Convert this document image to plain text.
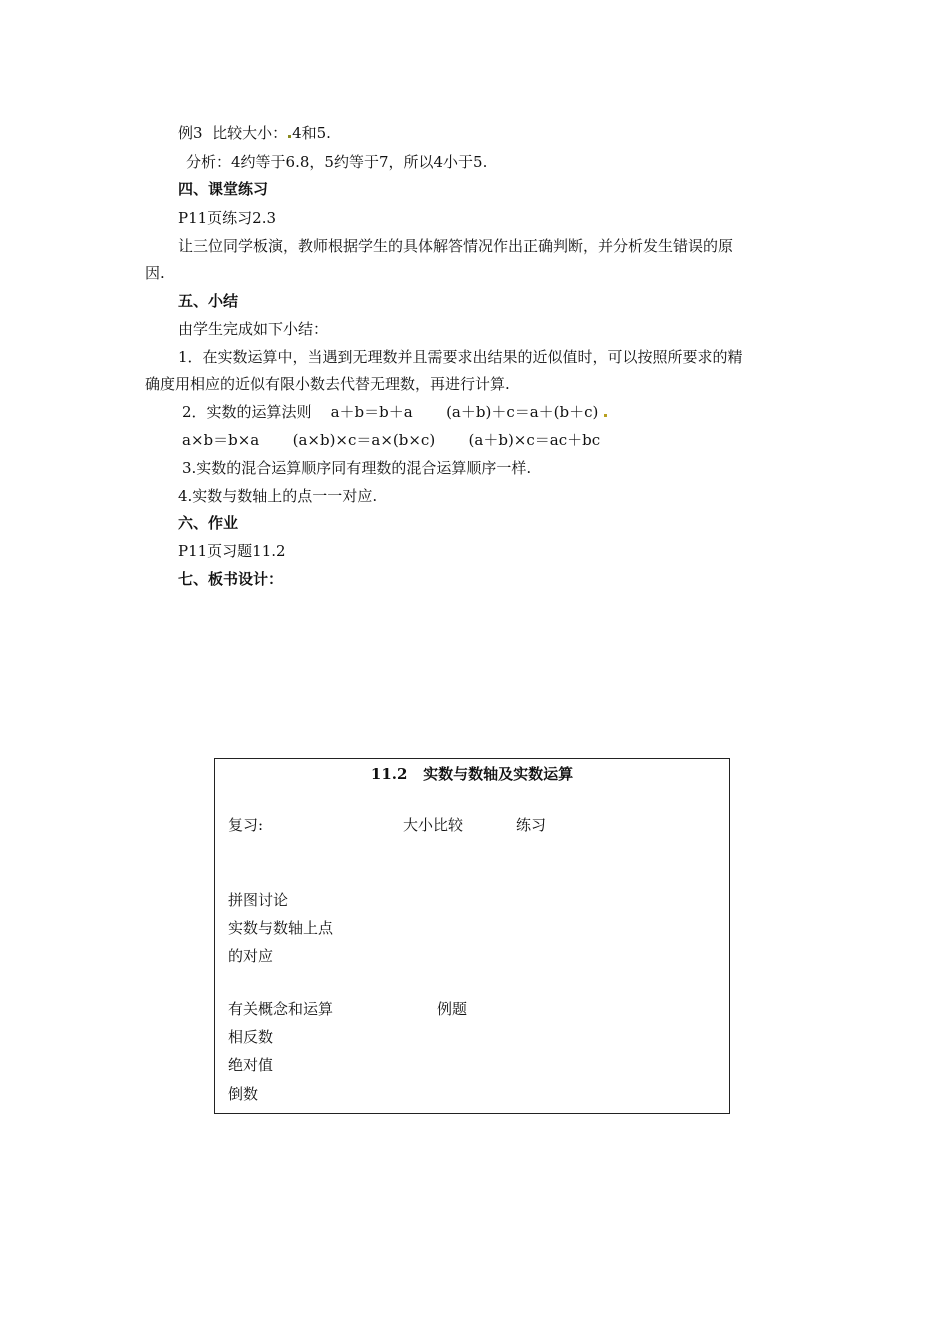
例3  比较大小： 4和5.
分析：4约等于6.8，5约等于7，所以4小于5.
四、课堂练习
P11页练习2.3
让三位同学板演，教师根据学生的具体解答情况作出正确判断，并分析发生错误的原
因.
五、小结
由学生完成如下小结：
1．在实数运算中，当遇到无理数并且需要求出结果的近似值时，可以按照所要求的精
确度用相应的近似有限小数去代替无理数，再进行计算.
2．实数的运算法则    a＋b＝b＋a       (a＋b)＋c＝a＋(b＋c)
a×b＝b×a       (a×b)×c＝a×(b×c)       (a＋b)×c＝ac＋bc
3.实数的混合运算顺序同有理数的混合运算顺序一样.
4.实数与数轴上的点一一对应.
六、作业
P11页习题11.2
七、板书设计：
11.2   实数与数轴及实数运算
复习:	大小比较	练习
拼图讨论
实数与数轴上点
的对应
有关概念和运算	例题
相反数
绝对值
倒数
